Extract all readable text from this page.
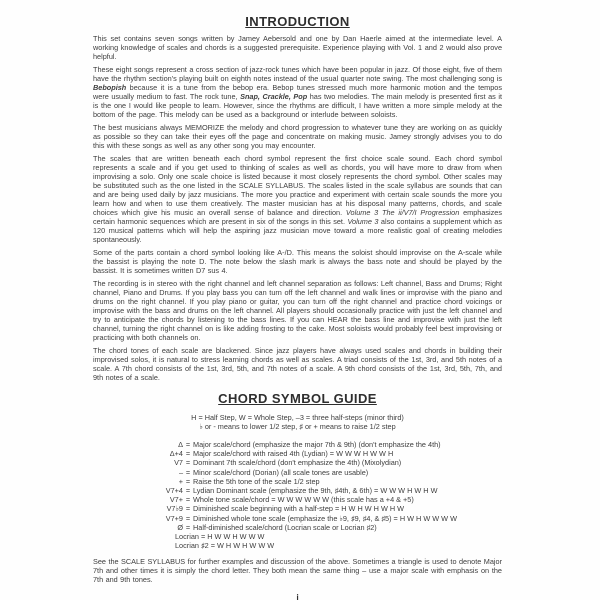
INTRODUCTION

This set contains seven songs written by Jamey Aebersold and one by Dan Haerle aimed at the intermediate level. A working knowledge of scales and chords is a suggested prerequisite. Experience playing with Vol. 1 and 2 would also prove helpful.

These eight songs represent a cross section of jazz-rock tunes which have been popular in jazz. Of those eight, five of them have the rhythm section's playing built on eighth notes instead of the usual quarter note swing. The most challenging song is Bebopish because it is a tune from the bebop era. Bebop tunes stressed much more harmonic motion and the tempos were usually medium to fast. The rock tune, Snap, Crackle, Pop has two melodies. The main melody is presented first as it is the one I would like people to learn. However, since the rhythms are difficult, I have written a more simple melody at the bottom of the page. This melody can be used as a background or interlude between soloists.

The best musicians always MEMORIZE the melody and chord progression to whatever tune they are working on as quickly as possible so they can take their eyes off the page and concentrate on making music. Jamey strongly advises you to do this with these songs as well as any other song you may encounter.

The scales that are written beneath each chord symbol represent the first choice scale sound. Each chord symbol represents a scale and if you get used to thinking of scales as well as chords, you will have more to draw from when improvising a solo. Only one scale choice is listed because it most closely represents the chord symbol. Other scales may be substituted such as the one listed in the SCALE SYLLABUS. The scales listed in the scale syllabus are sounds that can and are being used daily by jazz musicians. The more you practice and experiment with certain scale sounds the more you learn how and when to use them creatively. The master musician has at his disposal many patterns, chords, and scale choices which give his music an overall sense of balance and direction. Volume 3 The ii/V7/I Progression emphasizes certain harmonic sequences which are present in six of the songs in this set. Volume 3 also contains a supplement which as 120 musical patterns which will help the aspiring jazz musician move toward a more realistic goal of creating melodies spontaneously.

Some of the parts contain a chord symbol looking like A-/D. This means the soloist should improvise on the A-scale while the bassist is playing the note D. The note below the slash mark is always the bass note and should be played by the bassist. It is sometimes written D7 sus 4.

The recording is in stereo with the right channel and left channel separation as follows: Left channel, Bass and Drums; Right channel, Piano and Drums. If you play bass you can turn off the left channel and walk lines or improvise with the piano and drums on the right channel. If you play piano or guitar, you can turn off the right channel and practice chord voicings or improvise with the bass and drums on the left channel. All players should occasionally practice with just the left channel and try to anticipate the chords by listening to the bass lines. If you can HEAR the bass line and improvise with just the left channel, turning the right channel on is like adding frosting to the cake. Most soloists would probably feel best improvising or practicing with both channels on.

The chord tones of each scale are blackened. Since jazz players have always used scales and chords in building their improvised solos, it is natural to stress learning chords as well as scales. A triad consists of the 1st, 3rd, and 5th notes of a scale. A 7th chord consists of the 1st, 3rd, 5th, and 7th notes of a scale. A 9th chord consists of the 1st, 3rd, 5th, 7th, and 9th notes of a scale.

CHORD SYMBOL GUIDE
H = Half Step, W = Whole Step, –3 = three half-steps (minor third)
♭ or - means to lower 1/2 step, ♯ or + means to raise 1/2 step
Δ = Major scale/chord (emphasize the major 7th & 9th) (don't emphasize the 4th)
Δ+4 = Major scale/chord with raised 4th (Lydian) = W W W H W W H
V7 = Dominant 7th scale/chord (don't emphasize the 4th) (Mixolydian)
– = Minor scale/chord (Dorian) (all scale tones are usable)
+ = Raise the 5th tone of the scale 1/2 step
V7+4 = Lydian Dominant scale (emphasize the 9th, ♯4th, & 6th) = W W W H W H W
V7+ = Whole tone scale/chord = W W W W W W (this scale has a +4 & +5)
V7♭9 = Diminished scale beginning with a half-step = H W H W H W H W
V7+9 = Diminished whole tone scale (emphasize the ♭9, ♯9, ♯4, & ♯5) = H W H W W W W
Ø = Half-diminished scale/chord (Locrian scale or Locrian ♯2)
Locrian = H W W H W W W
Locrian ♯2 = W H W H W W W

See the SCALE SYLLABUS for further examples and discussion of the above. Sometimes a triangle is used to denote Major 7th and other times it is simply the chord letter. They both mean the same thing – use a major scale with emphasis on the 7th and 9th tones.

i
